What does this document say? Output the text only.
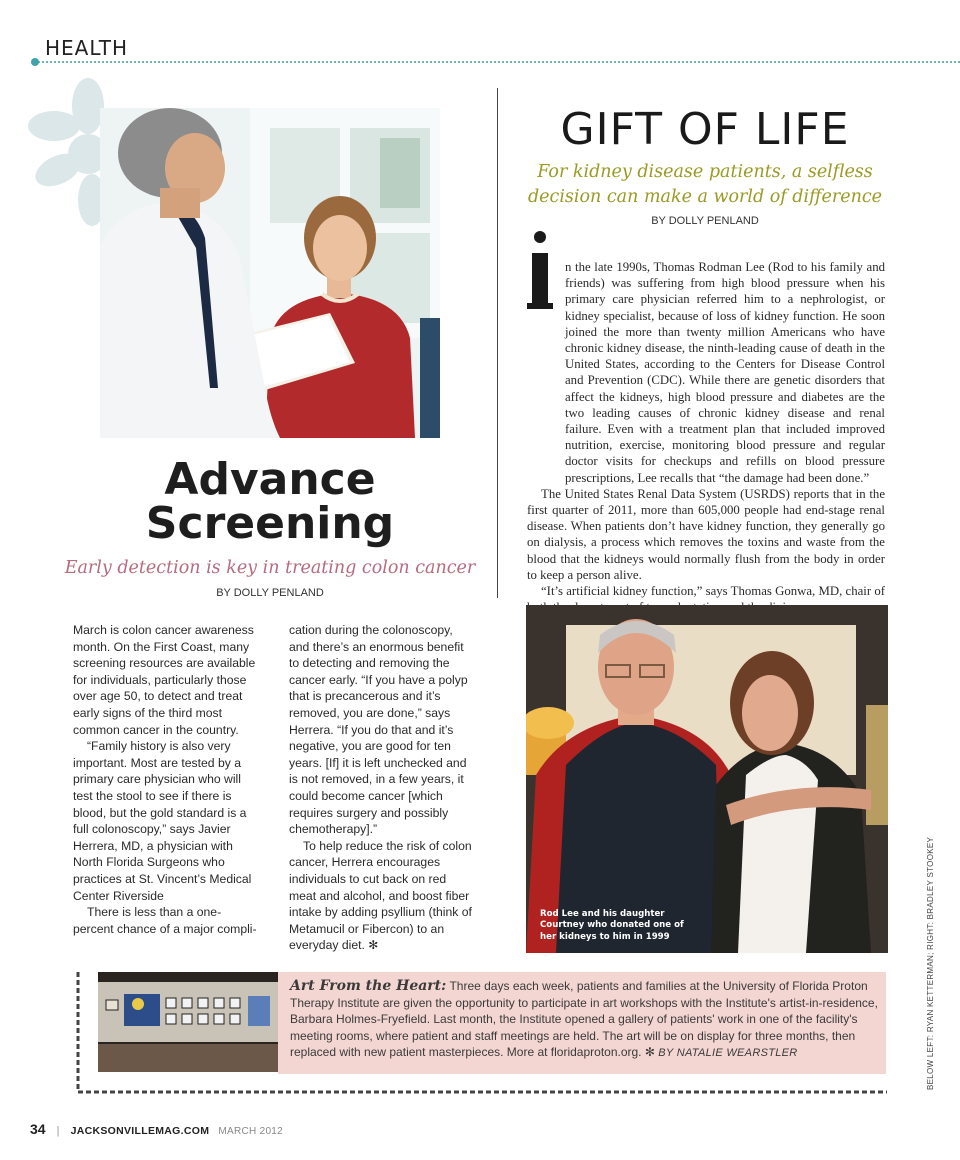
HEALTH
Advance
Screening
Early detection is key in treating colon cancer
BY DOLLY PENLAND

March is colon cancer awareness month. On the First Coast, many screening resources are available for individuals, particularly those over age 50, to detect and treat early signs of the third most common cancer in the country.

“Family history is also very important. Most are tested by a primary care physician who will test the stool to see if there is blood, but the gold standard is a full colonoscopy,” says Javier Herrera, MD, a physician with North Florida Surgeons who practices at St. Vincent’s Medical Center Riverside

There is less than a one-percent chance of a major compli-

cation during the colonoscopy, and there’s an enormous benefit to detecting and removing the cancer early. “If you have a polyp that is precancerous and it’s removed, you are done,” says Herrera. “If you do that and it’s negative, you are good for ten years. [If] it is left unchecked and is not removed, in a few years, it could become cancer [which requires surgery and possibly chemotherapy].”

To help reduce the risk of colon cancer, Herrera encourages individuals to cut back on red meat and alcohol, and boost fiber intake by adding psyllium (think of Metamucil or Fibercon) to an everyday diet. ✻

GIFT OF LIFE
For kidney disease patients, a selfless decision can make a world of difference
BY DOLLY PENLAND

n the late 1990s, Thomas Rodman Lee (Rod to his family and friends) was suffering from high blood pressure when his primary care physician referred him to a nephrologist, or kidney specialist, because of loss of kidney function. He soon joined the more than twenty million Americans who have chronic kidney disease, the ninth-leading cause of death in the United States, according to the Centers for Disease Control and Prevention (CDC). While there are genetic disorders that affect the kidneys, high blood pressure and diabetes are the two leading causes of chronic kidney disease and renal failure. Even with a treatment plan that included improved nutrition, exercise, monitoring blood pressure and regular doctor visits for checkups and refills on blood pressure prescriptions, Lee recalls that “the damage had been done.”

The United States Renal Data System (USRDS) reports that in the first quarter of 2011, more than 605,000 people had end-stage renal disease. When patients don’t have kidney function, they generally go on dialysis, a process which removes the toxins and waste from the blood that the kidneys would normally flush from the body in order to keep a person alive.

“It’s artificial kidney function,” says Thomas Gonwa, MD, chair of

Rod Lee and his daughter Courtney who donated one of her kidneys to him in 1999	BELOW LEFT: RYAN KETTERMAN; RIGHT: BRADLEY STOOKEY
Art From the Heart: Three days each week, patients and families at the University of Florida Proton Therapy Institute are given the opportunity to participate in art workshops with the Institute's artist-in-residence, Barbara Holmes-Fryefield. Last month, the Institute opened a gallery of patients' work in one of the facility's meeting rooms, where patient and staff meetings are held. The art will be on display for three months, then replaced with new patient masterpieces. More at floridaproton.org. ✻ BY NATALIE WEARSTLER
34 | JACKSONVILLEMAG.COM MARCH 2012
